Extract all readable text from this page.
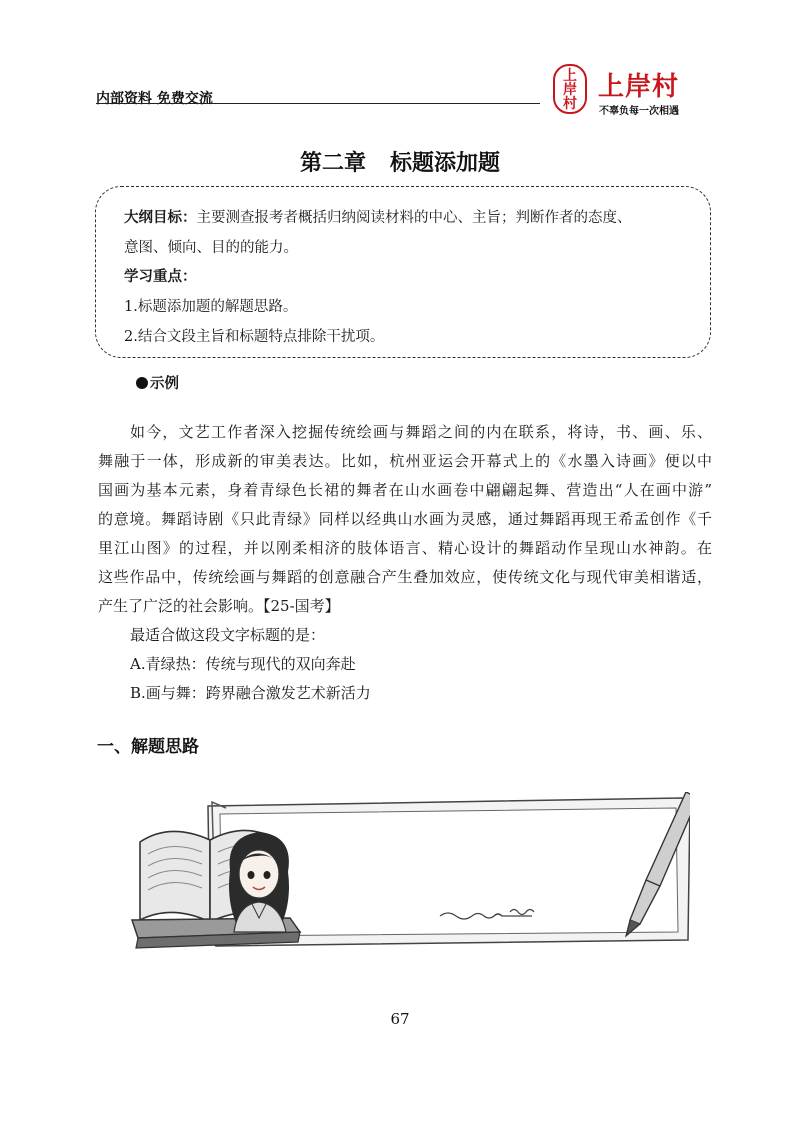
内部资料 免费交流
上
岸
村
上岸村
不辜负每一次相遇
第二章 标题添加题
大纲目标：主要测查报考者概括归纳阅读材料的中心、主旨；判断作者的态度、
意图、倾向、目的的能力。
学习重点：
1.标题添加题的解题思路。
2.结合文段主旨和标题特点排除干扰项。
示例
如今，文艺工作者深入挖掘传统绘画与舞蹈之间的内在联系，将诗，书、画、乐、
舞融于一体，形成新的审美表达。比如，杭州亚运会开幕式上的《水墨入诗画》便以中
国画为基本元素，身着青绿色长裙的舞者在山水画卷中翩翩起舞、营造出“人在画中游”
的意境。舞蹈诗剧《只此青绿》同样以经典山水画为灵感，通过舞蹈再现王希孟创作《千
里江山图》的过程，并以刚柔相济的肢体语言、精心设计的舞蹈动作呈现山水神韵。在
这些作品中，传统绘画与舞蹈的创意融合产生叠加效应，使传统文化与现代审美相谐适，
产生了广泛的社会影响。【25-国考】
最适合做这段文字标题的是：
A.青绿热：传统与现代的双向奔赴
B.画与舞：跨界融合激发艺术新活力
一、解题思路
67
